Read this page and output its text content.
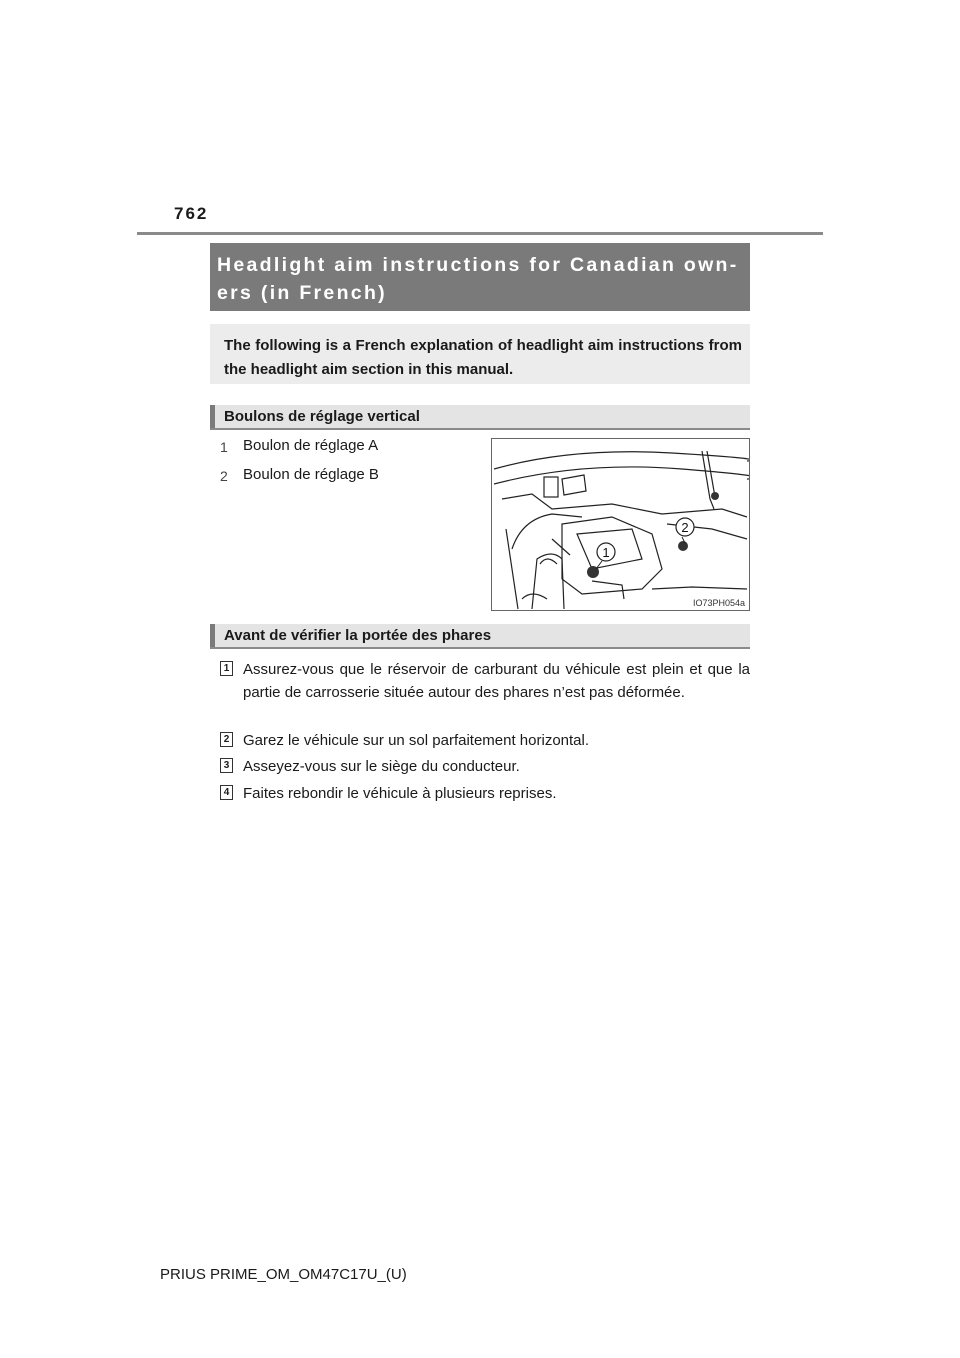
762
Headlight aim instructions for Canadian own-
ers (in French)
The following is a French explanation of headlight aim instructions from the headlight aim section in this manual.
Boulons de réglage vertical
1 Boulon de réglage A
2 Boulon de réglage B
1
2
IO73PH054a
Avant de vérifier la portée des phares
1 Assurez-vous que le réservoir de carburant du véhicule est plein et que la partie de carrosserie située autour des phares n’est pas déformée.
2 Garez le véhicule sur un sol parfaitement horizontal.
3 Asseyez-vous sur le siège du conducteur.
4 Faites rebondir le véhicule à plusieurs reprises.
PRIUS PRIME_OM_OM47C17U_(U)
